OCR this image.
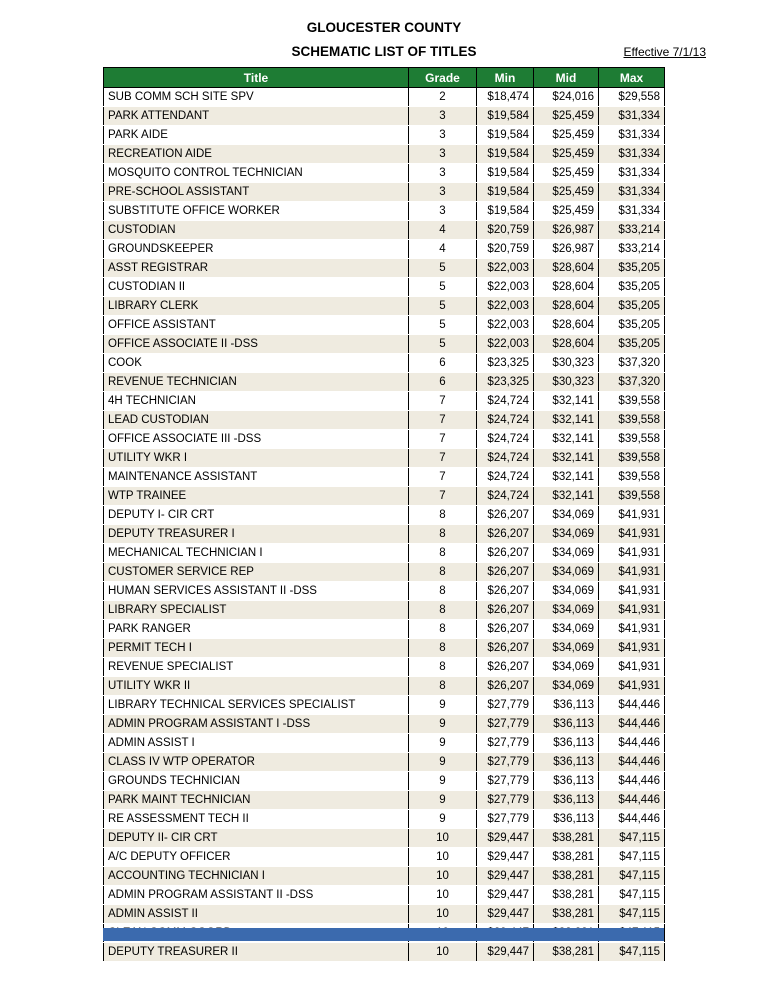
GLOUCESTER COUNTY
SCHEMATIC LIST OF TITLES	Effective 7/1/13
Title	Grade	Min	Mid	Max
SUB COMM SCH SITE SPV	2	$18,474	$24,016	$29,558
PARK ATTENDANT	3	$19,584	$25,459	$31,334
PARK AIDE	3	$19,584	$25,459	$31,334
RECREATION AIDE	3	$19,584	$25,459	$31,334
MOSQUITO CONTROL TECHNICIAN	3	$19,584	$25,459	$31,334
PRE-SCHOOL ASSISTANT	3	$19,584	$25,459	$31,334
SUBSTITUTE OFFICE WORKER	3	$19,584	$25,459	$31,334
CUSTODIAN	4	$20,759	$26,987	$33,214
GROUNDSKEEPER	4	$20,759	$26,987	$33,214
ASST REGISTRAR	5	$22,003	$28,604	$35,205
CUSTODIAN II	5	$22,003	$28,604	$35,205
LIBRARY CLERK	5	$22,003	$28,604	$35,205
OFFICE ASSISTANT	5	$22,003	$28,604	$35,205
OFFICE ASSOCIATE II -DSS	5	$22,003	$28,604	$35,205
COOK	6	$23,325	$30,323	$37,320
REVENUE TECHNICIAN	6	$23,325	$30,323	$37,320
4H TECHNICIAN	7	$24,724	$32,141	$39,558
LEAD CUSTODIAN	7	$24,724	$32,141	$39,558
OFFICE ASSOCIATE III -DSS	7	$24,724	$32,141	$39,558
UTILITY WKR I	7	$24,724	$32,141	$39,558
MAINTENANCE ASSISTANT	7	$24,724	$32,141	$39,558
WTP TRAINEE	7	$24,724	$32,141	$39,558
DEPUTY I- CIR CRT	8	$26,207	$34,069	$41,931
DEPUTY TREASURER I	8	$26,207	$34,069	$41,931
MECHANICAL TECHNICIAN I	8	$26,207	$34,069	$41,931
CUSTOMER SERVICE REP	8	$26,207	$34,069	$41,931
HUMAN SERVICES ASSISTANT II -DSS	8	$26,207	$34,069	$41,931
LIBRARY SPECIALIST	8	$26,207	$34,069	$41,931
PARK RANGER	8	$26,207	$34,069	$41,931
PERMIT TECH I	8	$26,207	$34,069	$41,931
REVENUE SPECIALIST	8	$26,207	$34,069	$41,931
UTILITY WKR II	8	$26,207	$34,069	$41,931
LIBRARY TECHNICAL SERVICES SPECIALIST	9	$27,779	$36,113	$44,446
ADMIN PROGRAM ASSISTANT I -DSS	9	$27,779	$36,113	$44,446
ADMIN ASSIST I	9	$27,779	$36,113	$44,446
CLASS IV WTP OPERATOR	9	$27,779	$36,113	$44,446
GROUNDS TECHNICIAN	9	$27,779	$36,113	$44,446
PARK MAINT TECHNICIAN	9	$27,779	$36,113	$44,446
RE ASSESSMENT TECH II	9	$27,779	$36,113	$44,446
DEPUTY II- CIR CRT	10	$29,447	$38,281	$47,115
A/C DEPUTY OFFICER	10	$29,447	$38,281	$47,115
ACCOUNTING TECHNICIAN I	10	$29,447	$38,281	$47,115
ADMIN PROGRAM ASSISTANT II -DSS	10	$29,447	$38,281	$47,115
ADMIN ASSIST II	10	$29,447	$38,281	$47,115

DEPUTY TREASURER II	10	$29,447	$38,281	$47,115
